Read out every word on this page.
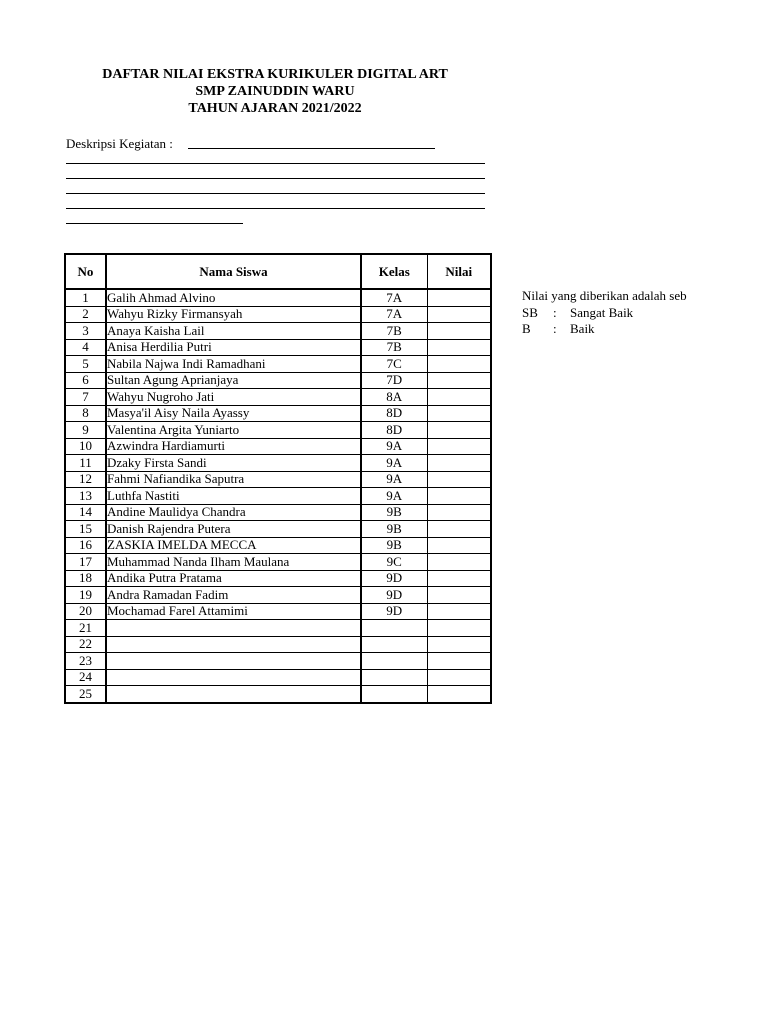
DAFTAR NILAI EKSTRA KURIKULER DIGITAL ART
SMP ZAINUDDIN WARU
TAHUN AJARAN 2021/2022
Deskripsi Kegiatan :
No	Nama Siswa	Kelas	Nilai
1	Galih Ahmad Alvino	7A	
2	Wahyu Rizky Firmansyah	7A	
3	Anaya Kaisha Lail	7B	
4	Anisa Herdilia Putri	7B	
5	Nabila Najwa Indi Ramadhani	7C	
6	Sultan Agung Aprianjaya	7D	
7	Wahyu Nugroho Jati	8A	
8	Masya'il Aisy Naila Ayassy	8D	
9	Valentina Argita Yuniarto	8D	
10	Azwindra Hardiamurti	9A	
11	Dzaky Firsta Sandi	9A	
12	Fahmi Nafiandika Saputra	9A	
13	Luthfa Nastiti	9A	
14	Andine Maulidya Chandra	9B	
15	Danish Rajendra Putera	9B	
16	ZASKIA IMELDA MECCA	9B	
17	Muhammad Nanda Ilham Maulana	9C	
18	Andika Putra Pratama	9D	
19	Andra Ramadan Fadim	9D	
20	Mochamad Farel Attamimi	9D	
21			
22			
23			
24			
25			
Nilai yang diberikan adalah seb
SB : Sangat Baik
B : Baik
